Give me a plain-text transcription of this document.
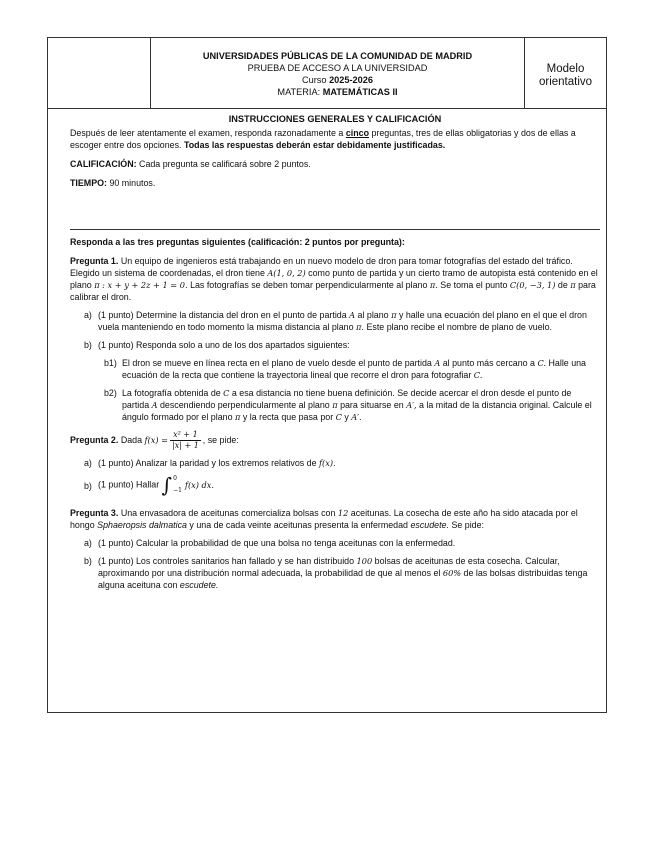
UNIVERSIDADES PÚBLICAS DE LA COMUNIDAD DE MADRID
PRUEBA DE ACCESO A LA UNIVERSIDAD
Curso 2025-2026
MATERIA: MATEMÁTICAS II
Modelo
orientativo
INSTRUCCIONES GENERALES Y CALIFICACIÓN

Después de leer atentamente el examen, responda razonadamente a cinco preguntas, tres de ellas obligatorias y dos de ellas a escoger entre dos opciones. Todas las respuestas deberán estar debidamente justificadas.

CALIFICACIÓN: Cada pregunta se calificará sobre 2 puntos.

TIEMPO: 90 minutos.

Responda a las tres preguntas siguientes (calificación: 2 puntos por pregunta):

Pregunta 1. Un equipo de ingenieros está trabajando en un nuevo modelo de dron para tomar fotografías del estado del tráfico. Elegido un sistema de coordenadas, el dron tiene A(1, 0, 2) como punto de partida y un cierto tramo de autopista está contenido en el plano π : x + y + 2z + 1 = 0. Las fotografías se deben tomar perpendicularmente al plano π. Se toma el punto C(0, −3, 1) de π para calibrar el dron.

a) (1 punto) Determine la distancia del dron en el punto de partida A al plano π y halle una ecuación del plano en el que el dron vuela manteniendo en todo momento la misma distancia al plano π. Este plano recibe el nombre de plano de vuelo.

b) (1 punto) Responda solo a uno de los dos apartados siguientes:

b1) El dron se mueve en línea recta en el plano de vuelo desde el punto de partida A al punto más cercano a C. Halle una ecuación de la recta que contiene la trayectoria lineal que recorre el dron para fotografiar C.

b2) La fotografía obtenida de C a esa distancia no tiene buena definición. Se decide acercar el dron desde el punto de partida A descendiendo perpendicularmente al plano π para situarse en A′, a la mitad de la distancia original. Calcule el ángulo formado por el plano π y la recta que pasa por C y A′.

Pregunta 2. Dada $f(x) = \frac{\text{x² + 1}}{|x| + 1}$ , se pide:

a) (1 punto) Analizar la paridad y los extremos relativos de f(x).

b) (1 punto) Hallar ∫ 0
−1
f(x) dx.

Pregunta 3. Una envasadora de aceitunas comercializa bolsas con 12 aceitunas. La cosecha de este año ha sido atacada por el hongo Sphaeropsis dalmatica y una de cada veinte aceitunas presenta la enfermedad escudete. Se pide:

a) (1 punto) Calcular la probabilidad de que una bolsa no tenga aceitunas con la enfermedad.

b) (1 punto) Los controles sanitarios han fallado y se han distribuido 100 bolsas de aceitunas de esta cosecha. Calcular, aproximando por una distribución normal adecuada, la probabilidad de que al menos el 60% de las bolsas distribuidas tenga alguna aceituna con escudete.
